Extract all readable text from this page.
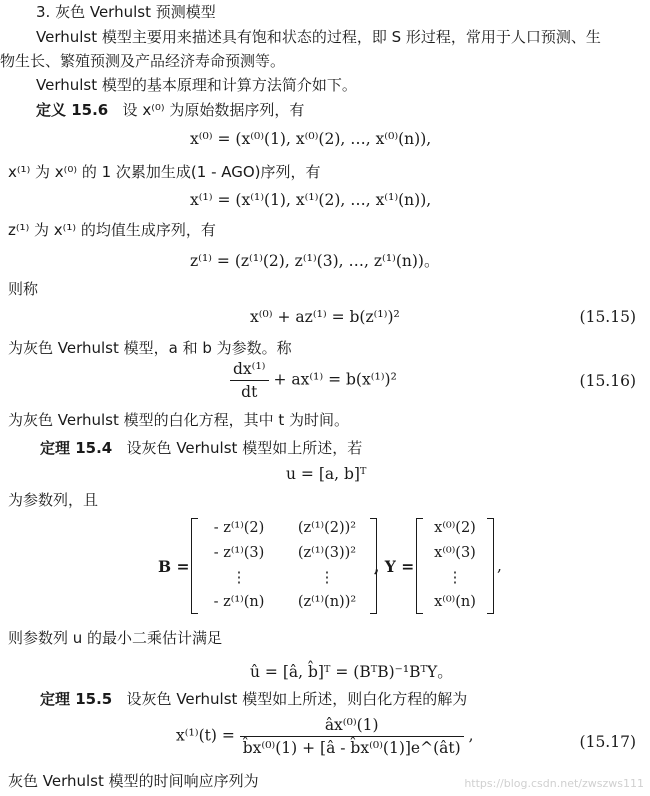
3. 灰色 Verhulst 预测模型
Verhulst 模型主要用来描述具有饱和状态的过程，即 S 形过程，常用于人口预测、生
物生长、繁殖预测及产品经济寿命预测等。
Verhulst 模型的基本原理和计算方法简介如下。
定义 15.6 设 x⁽⁰⁾ 为原始数据序列，有
x⁽⁰⁾ = (x⁽⁰⁾(1), x⁽⁰⁾(2), …, x⁽⁰⁾(n)),
x⁽¹⁾ 为 x⁽⁰⁾ 的 1 次累加生成(1 - AGO)序列，有
x⁽¹⁾ = (x⁽¹⁾(1), x⁽¹⁾(2), …, x⁽¹⁾(n)),
z⁽¹⁾ 为 x⁽¹⁾ 的均值生成序列，有
z⁽¹⁾ = (z⁽¹⁾(2), z⁽¹⁾(3), …, z⁽¹⁾(n))。
则称
x⁽⁰⁾ + az⁽¹⁾ = b(z⁽¹⁾)²	(15.15)
为灰色 Verhulst 模型，a 和 b 为参数。称
$\frac{\text{dx⁽¹⁾}}{dt} + ax^{(1)} = b(x^{(1)})^2$	(15.16)
为灰色 Verhulst 模型的白化方程，其中 t 为时间。
定理 15.4 设灰色 Verhulst 模型如上所述，若
u = [a, b]ᵀ
为参数列，且
B =
- z⁽¹⁾(2)	(z⁽¹⁾(2))²
- z⁽¹⁾(3)	(z⁽¹⁾(3))²
⋮	⋮
- z⁽¹⁾(n)	(z⁽¹⁾(n))²
, Y =
x⁽⁰⁾(2)
x⁽⁰⁾(3)
⋮
x⁽⁰⁾(n)
,
则参数列 u 的最小二乘估计满足
û = [â, b̂]ᵀ = (BᵀB)⁻¹BᵀY。
定理 15.5 设灰色 Verhulst 模型如上所述，则白化方程的解为
$x^{(1)}(t) = \frac{\text{âx⁽⁰⁾(1)}}{\text{b̂x⁽⁰⁾(1) + [â - b̂x⁽⁰⁾(1)]e\textasciicircum{}(ât)}}$ ,	(15.17)
灰色 Verhulst 模型的时间响应序列为	https://blog.csdn.net/zwszws111
